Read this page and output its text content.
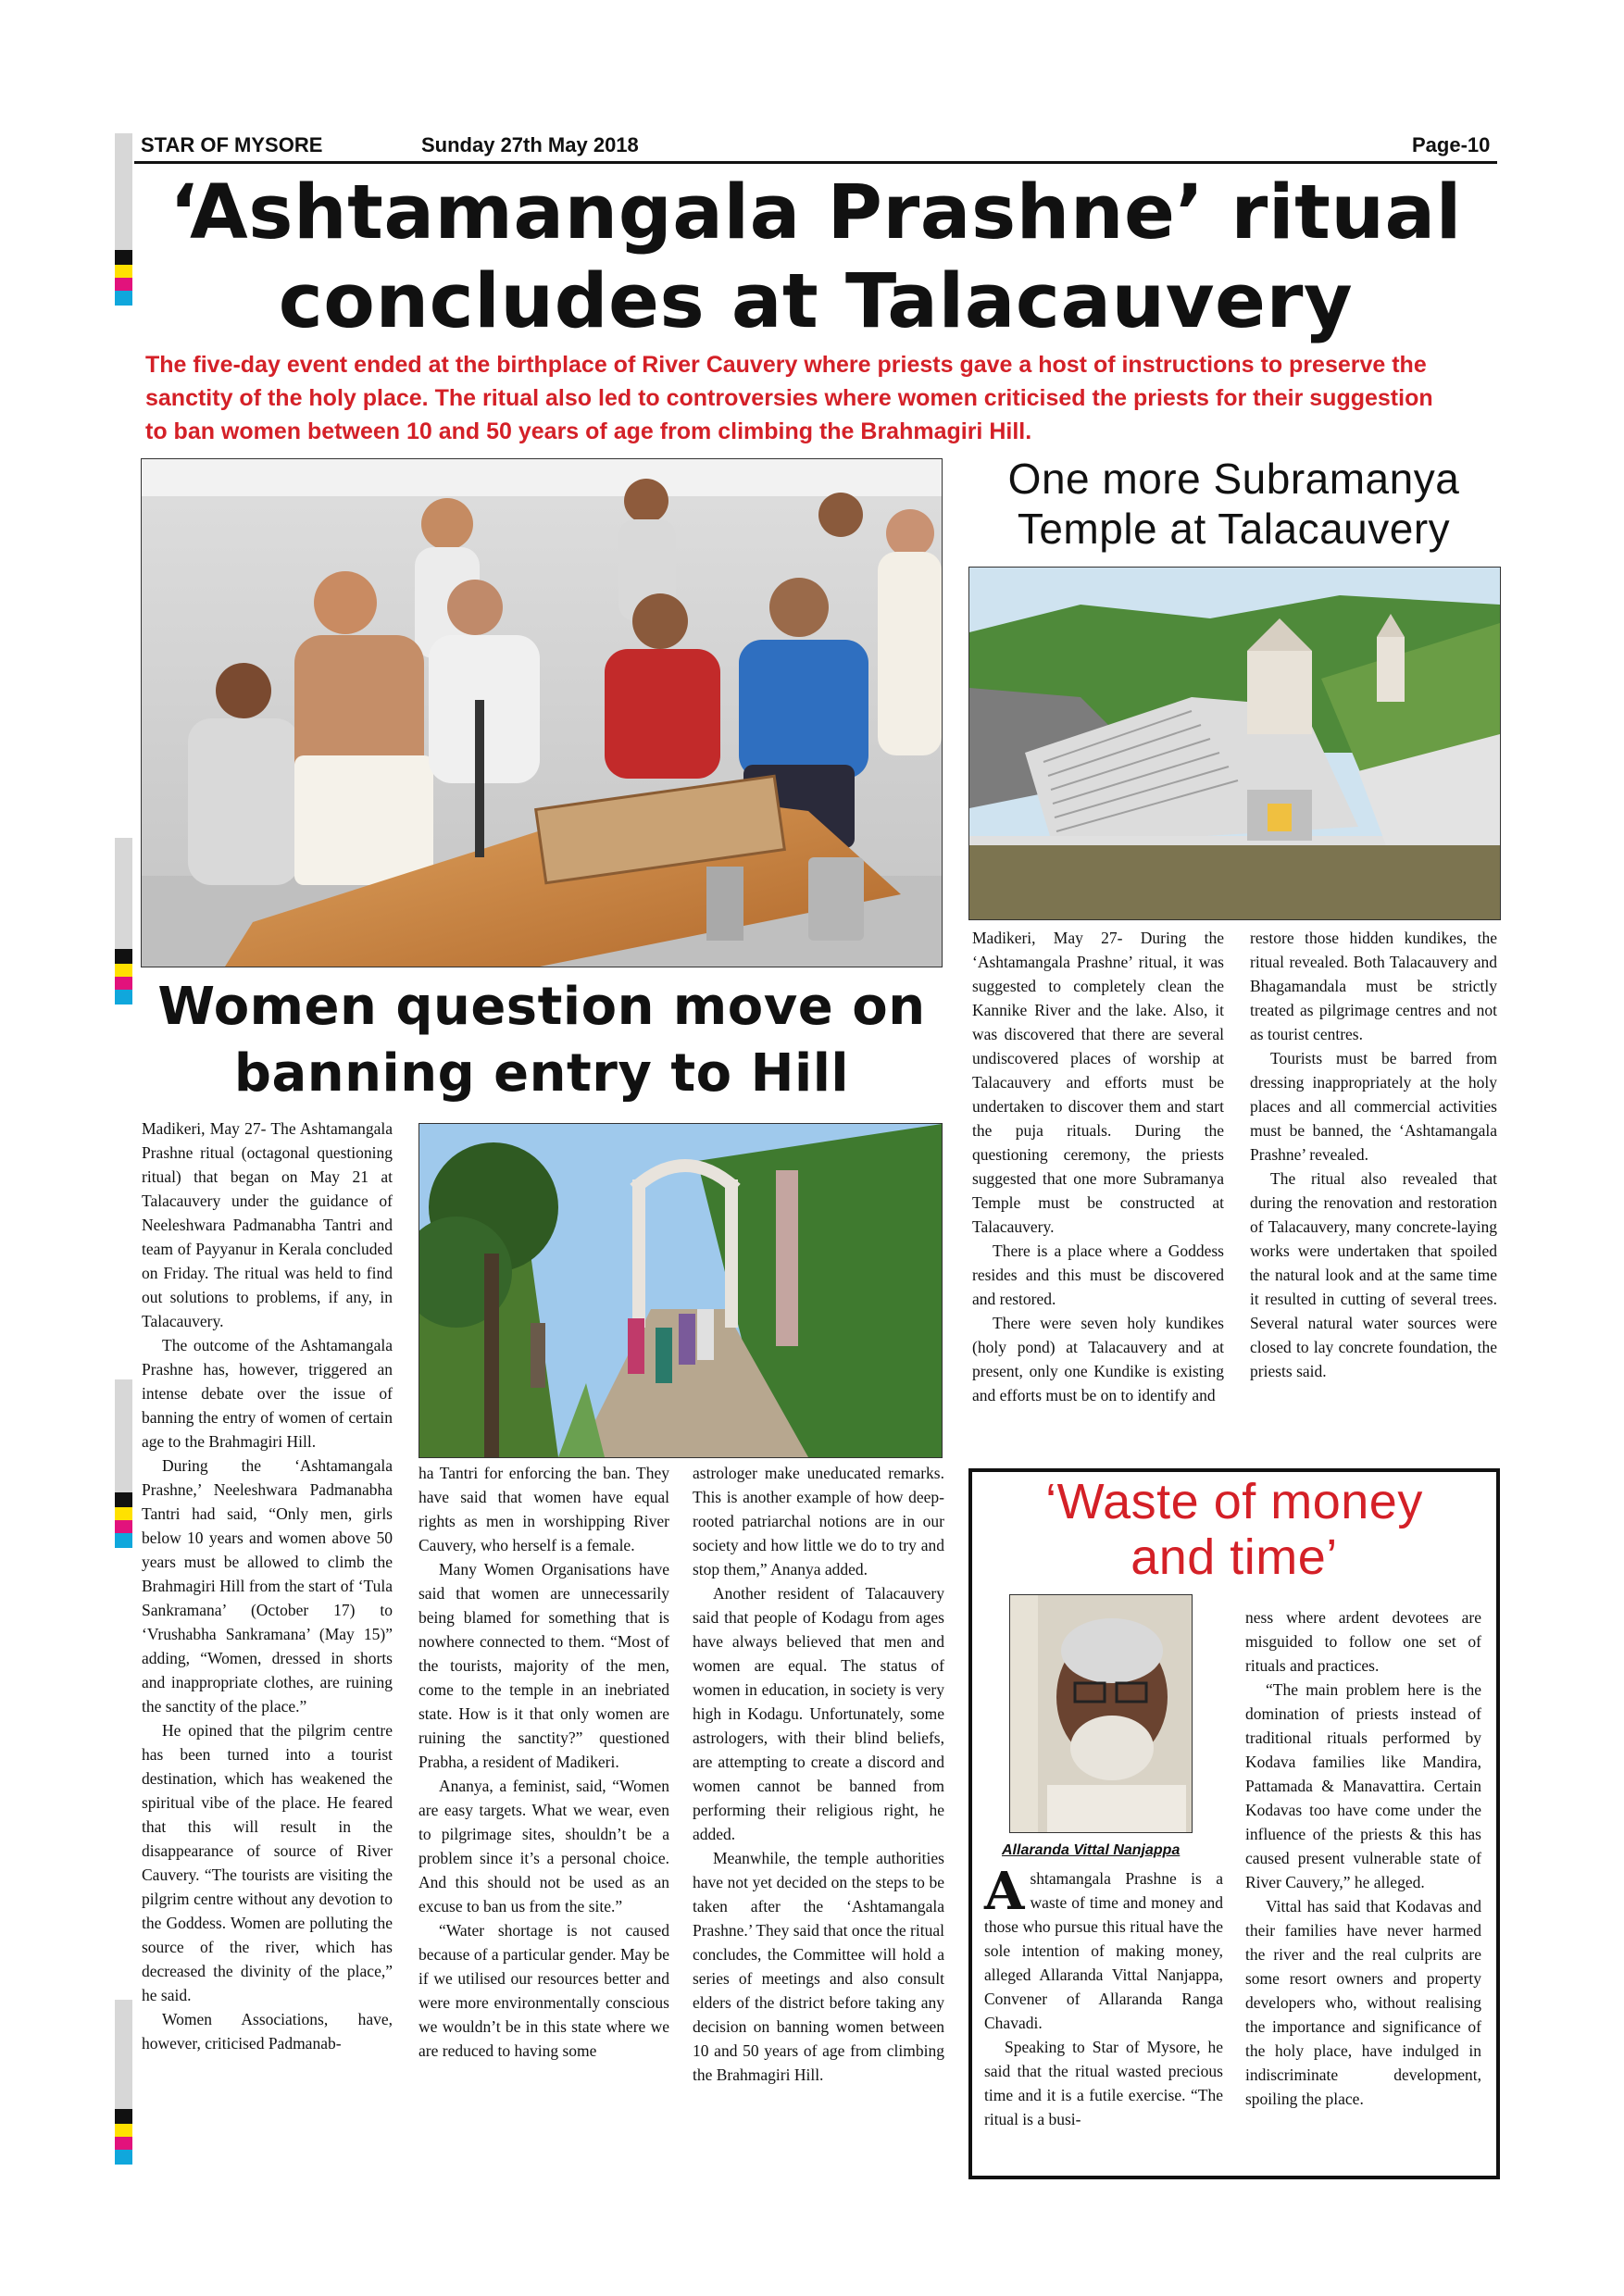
STAR OF MYSORE	Sunday 27th May 2018	Page-10
‘Ashtamangala Prashne’ ritual
concludes at Talacauvery
The five-day event ended at the birthplace of River Cauvery where priests gave a host of instructions to preserve the
sanctity of the holy place. The ritual also led to controversies where women criticised the priests for their suggestion
to ban women between 10 and 50 years of age from climbing the Brahmagiri Hill.
One more Subramanya
Temple at Talacauvery

Madikeri, May 27- During the ‘Ashtamangala Prashne’ ritual, it was suggested to completely clean the Kannike River and the lake. Also, it was discovered that there are several undiscovered places of worship at Talacauvery and efforts must be undertaken to discover them and start the puja rituals. During the questioning ceremony, the priests suggested that one more Subramanya Temple must be constructed at Talacauvery.

There is a place where a Goddess resides and this must be discovered and restored.

There were seven holy kundikes (holy pond) at Talacauvery and at present, only one Kundike is existing and efforts must be on to identify and

restore those hidden kundikes, the ritual revealed. Both Talacauvery and Bhagamandala must be strictly treated as pilgrimage centres and not as tourist centres.

Tourists must be barred from dressing inappropriately at the holy places and all commercial activities must be banned, the ‘Ashtamangala Prashne’ revealed.

The ritual also revealed that during the renovation and restoration of Talacauvery, many concrete-laying works were undertaken that spoiled the natural look and at the same time it resulted in cutting of several trees. Several natural water sources were closed to lay concrete foundation, the priests said.

Women question move on
banning entry to Hill

Madikeri, May 27- The Ashtamangala Prashne ritual (octagonal questioning ritual) that began on May 21 at Talacauvery under the guidance of Neeleshwara Padmanabha Tantri and team of Payyanur in Kerala concluded on Friday. The ritual was held to find out solutions to problems, if any, in Talacauvery.

The outcome of the Ashtamangala Prashne has, however, triggered an intense debate over the issue of banning the entry of women of certain age to the Brahmagiri Hill.

During the ‘Ashtamangala Prashne,’ Neeleshwara Padmanabha Tantri had said, “Only men, girls below 10 years and women above 50 years must be allowed to climb the Brahmagiri Hill from the start of ‘Tula Sankramana’ (October 17) to ‘Vrushabha Sankramana’ (May 15)” adding, “Women, dressed in shorts and inappropriate clothes, are ruining the sanctity of the place.”

He opined that the pilgrim centre has been turned into a tourist destination, which has weakened the spiritual vibe of the place. He feared that this will result in the disappearance of source of River Cauvery. “The tourists are visiting the pilgrim centre without any devotion to the Goddess. Women are polluting the source of the river, which has decreased the divinity of the place,” he said.

Women Associations, have, however, criticised Padmanab-

ha Tantri for enforcing the ban. They have said that women have equal rights as men in worshipping River Cauvery, who herself is a female.

Many Women Organisations have said that women are unnecessarily being blamed for something that is nowhere connected to them. “Most of the tourists, majority of the men, come to the temple in an inebriated state. How is it that only women are ruining the sanctity?” questioned Prabha, a resident of Madikeri.

Ananya, a feminist, said, “Women are easy targets. What we wear, even to pilgrimage sites, shouldn’t be a problem since it’s a personal choice. And this should not be used as an excuse to ban us from the site.”

“Water shortage is not caused because of a particular gender. May be if we utilised our resources better and were more environmentally conscious we wouldn’t be in this state where we are reduced to having some

astrologer make uneducated remarks. This is another example of how deep-rooted patriarchal notions are in our society and how little we do to try and stop them,” Ananya added.

Another resident of Talacauvery said that people of Kodagu from ages have always believed that men and women are equal. The status of women in education, in society is very high in Kodagu. Unfortunately, some astrologers, with their blind beliefs, are attempting to create a discord and women cannot be banned from performing their religious right, he added.

Meanwhile, the temple authorities have not yet decided on the steps to be taken after the ‘Ashtamangala Prashne.’ They said that once the ritual concludes, the Committee will hold a series of meetings and also consult elders of the district before taking any decision on banning women between 10 and 50 years of age from climbing the Brahmagiri Hill.

‘Waste of money
and time’
Allaranda Vittal Nanjappa

Ashtamangala Prashne is a waste of time and money and those who pursue this ritual have the sole intention of making money, alleged Allaranda Vittal Nanjappa, Convener of Allaranda Ranga Chavadi.

Speaking to Star of Mysore, he said that the ritual wasted precious time and it is a futile exercise. “The ritual is a busi-

ness where ardent devotees are misguided to follow one set of rituals and practices.

“The main problem here is the domination of priests instead of traditional rituals performed by Kodava families like Mandira, Pattamada & Manavattira. Certain Kodavas too have come under the influence of the priests & this has caused present vulnerable state of River Cauvery,” he alleged.

Vittal has said that Kodavas and their families have never harmed the river and the real culprits are some resort owners and property developers who, without realising the importance and significance of the holy place, have indulged in indiscriminate development, spoiling the place.
